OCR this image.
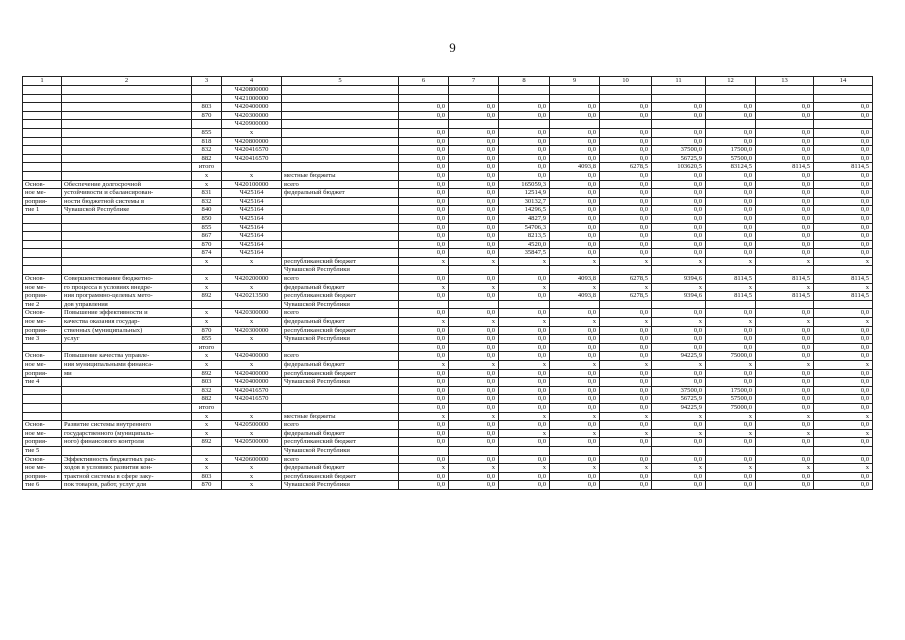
9
1	2	3	4	5	6	7	8	9	10	11	12	13	14
			Ч420800000										
			Ч421000000										
		803	Ч420400000		0,0	0,0	0,0	0,0	0,0	0,0	0,0	0,0	0,0
		870	Ч420300000		0,0	0,0	0,0	0,0	0,0	0,0	0,0	0,0	0,0
			Ч420900000										
		855	x		0,0	0,0	0,0	0,0	0,0	0,0	0,0	0,0	0,0
		818	Ч420800000		0,0	0,0	0,0	0,0	0,0	0,0	0,0	0,0	0,0
		832	Ч420416570		0,0	0,0	0,0	0,0	0,0	37500,0	17500,0	0,0	0,0
		882	Ч420416570		0,0	0,0	0,0	0,0	0,0	56725,9	57500,0	0,0	0,0
		итого			0,0	0,0	0,0	4093,8	6278,5	103620,5	83124,5	8114,5	8114,5
		x	x	местные бюджеты	0,0	0,0	0,0	0,0	0,0	0,0	0,0	0,0	0,0
Основ-	Обеспечение долгосрочной	x	Ч420100000	всего	0,0	0,0	165059,3	0,0	0,0	0,0	0,0	0,0	0,0
ное ме-	устойчивости и сбалансирован-	831	Ч425164	федеральный бюджет	0,0	0,0	12514,9	0,0	0,0	0,0	0,0	0,0	0,0
роприя-	ности бюджетной системы в	832	Ч425164		0,0	0,0	30132,7	0,0	0,0	0,0	0,0	0,0	0,0
тие 1	Чувашской Республике	840	Ч425164		0,0	0,0	14296,5	0,0	0,0	0,0	0,0	0,0	0,0
		850	Ч425164		0,0	0,0	4827,9	0,0	0,0	0,0	0,0	0,0	0,0
		855	Ч425164		0,0	0,0	54706,3	0,0	0,0	0,0	0,0	0,0	0,0
		867	Ч425164		0,0	0,0	8213,5	0,0	0,0	0,0	0,0	0,0	0,0
		870	Ч425164		0,0	0,0	4520,0	0,0	0,0	0,0	0,0	0,0	0,0
		874	Ч425164		0,0	0,0	35847,5	0,0	0,0	0,0	0,0	0,0	0,0
		x	x	республиканский бюджет	x	x	x	x	x	x	x	x	x
				Чувашской Республики									
Основ-	Совершенствование бюджетно-	x	Ч420200000	всего	0,0	0,0	0,0	4093,8	6278,5	9394,6	8114,5	8114,5	8114,5
ное ме-	го процесса в условиях внедре-	x	x	федеральный бюджет	x	x	x	x	x	x	x	x	x
роприя-	ния программно-целевых мето-	892	Ч420213500	республиканский бюджет	0,0	0,0	0,0	4093,8	6278,5	9394,6	8114,5	8114,5	8114,5
тие 2	дов управления			Чувашской Республики									
Основ-	Повышение эффективности и	x	Ч420300000	всего	0,0	0,0	0,0	0,0	0,0	0,0	0,0	0,0	0,0
ное ме-	качества оказания государ-	x	x	федеральный бюджет	x	x	x	x	x	x	x	x	x
роприя-	ственных (муниципальных)	870	Ч420300000	республиканский бюджет	0,0	0,0	0,0	0,0	0,0	0,0	0,0	0,0	0,0
тие 3	услуг	855	x	Чувашской Республики	0,0	0,0	0,0	0,0	0,0	0,0	0,0	0,0	0,0
		итого			0,0	0,0	0,0	0,0	0,0	0,0	0,0	0,0	0,0
Основ-	Повышение качества управле-	x	Ч420400000	всего	0,0	0,0	0,0	0,0	0,0	94225,9	75000,0	0,0	0,0
ное ме-	ния муниципальными финанса-	x	x	федеральный бюджет	x	x	x	x	x	x	x	x	x
роприя-	ми	892	Ч420400000	республиканский бюджет	0,0	0,0	0,0	0,0	0,0	0,0	0,0	0,0	0,0
тие 4		803	Ч420400000	Чувашской Республики	0,0	0,0	0,0	0,0	0,0	0,0	0,0	0,0	0,0
		832	Ч420416570		0,0	0,0	0,0	0,0	0,0	37500,0	17500,0	0,0	0,0
		882	Ч420416570		0,0	0,0	0,0	0,0	0,0	56725,9	57500,0	0,0	0,0
		итого			0,0	0,0	0,0	0,0	0,0	94225,9	75000,0	0,0	0,0
		x	x	местные бюджеты	x	x	x	x	x	x	x	x	x
Основ-	Развитие системы внутреннего	x	Ч420500000	всего	0,0	0,0	0,0	0,0	0,0	0,0	0,0	0,0	0,0
ное ме-	государственного (муниципаль-	x	x	федеральный бюджет	0,0	0,0	x	x	x	x	x	x	x
роприя-	ного) финансового контроля	892	Ч420500000	республиканский бюджет	0,0	0,0	0,0	0,0	0,0	0,0	0,0	0,0	0,0
тие 5				Чувашской Республики									
Основ-	Эффективность бюджетных рас-	x	Ч420600000	всего	0,0	0,0	0,0	0,0	0,0	0,0	0,0	0,0	0,0
ное ме-	ходов в условиях развития кон-	x	x	федеральный бюджет	x	x	x	x	x	x	x	x	x
роприя-	трактной системы в сфере заку-	803	x	республиканский бюджет	0,0	0,0	0,0	0,0	0,0	0,0	0,0	0,0	0,0
тие 6	пок товаров, работ, услуг для	870	x	Чувашской Республики	0,0	0,0	0,0	0,0	0,0	0,0	0,0	0,0	0,0
